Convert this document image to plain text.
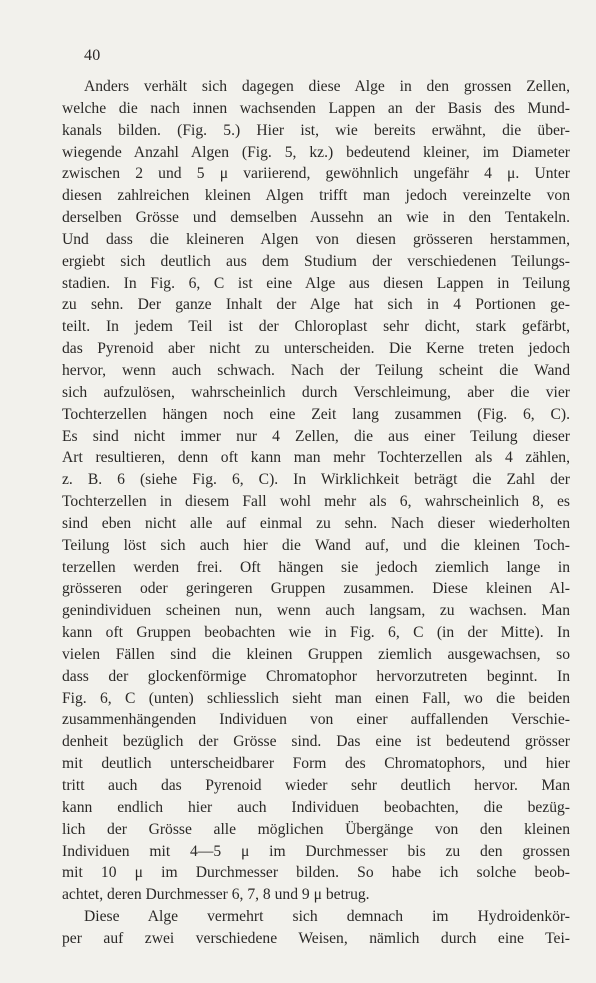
40
Anders verhält sich dagegen diese Alge in den grossen Zellen,
welche die nach innen wachsenden Lappen an der Basis des Mund-
kanals bilden. (Fig. 5.) Hier ist, wie bereits erwähnt, die über-
wiegende Anzahl Algen (Fig. 5, kz.) bedeutend kleiner, im Diameter
zwischen 2 und 5 μ variierend, gewöhnlich ungefähr 4 μ. Unter
diesen zahlreichen kleinen Algen trifft man jedoch vereinzelte von
derselben Grösse und demselben Aussehn an wie in den Tentakeln.
Und dass die kleineren Algen von diesen grösseren herstammen,
ergiebt sich deutlich aus dem Studium der verschiedenen Teilungs-
stadien. In Fig. 6, C ist eine Alge aus diesen Lappen in Teilung
zu sehn. Der ganze Inhalt der Alge hat sich in 4 Portionen ge-
teilt. In jedem Teil ist der Chloroplast sehr dicht, stark gefärbt,
das Pyrenoid aber nicht zu unterscheiden. Die Kerne treten jedoch
hervor, wenn auch schwach. Nach der Teilung scheint die Wand
sich aufzulösen, wahrscheinlich durch Verschleimung, aber die vier
Tochterzellen hängen noch eine Zeit lang zusammen (Fig. 6, C).
Es sind nicht immer nur 4 Zellen, die aus einer Teilung dieser
Art resultieren, denn oft kann man mehr Tochterzellen als 4 zählen,
z. B. 6 (siehe Fig. 6, C). In Wirklichkeit beträgt die Zahl der
Tochterzellen in diesem Fall wohl mehr als 6, wahrscheinlich 8, es
sind eben nicht alle auf einmal zu sehn. Nach dieser wiederholten
Teilung löst sich auch hier die Wand auf, und die kleinen Toch-
terzellen werden frei. Oft hängen sie jedoch ziemlich lange in
grösseren oder geringeren Gruppen zusammen. Diese kleinen Al-
genindividuen scheinen nun, wenn auch langsam, zu wachsen. Man
kann oft Gruppen beobachten wie in Fig. 6, C (in der Mitte). In
vielen Fällen sind die kleinen Gruppen ziemlich ausgewachsen, so
dass der glockenförmige Chromatophor hervorzutreten beginnt. In
Fig. 6, C (unten) schliesslich sieht man einen Fall, wo die beiden
zusammenhängenden Individuen von einer auffallenden Verschie-
denheit bezüglich der Grösse sind. Das eine ist bedeutend grösser
mit deutlich unterscheidbarer Form des Chromatophors, und hier
tritt auch das Pyrenoid wieder sehr deutlich hervor. Man
kann endlich hier auch Individuen beobachten, die bezüg-
lich der Grösse alle möglichen Übergänge von den kleinen
Individuen mit 4—5 μ im Durchmesser bis zu den grossen
mit 10 μ im Durchmesser bilden. So habe ich solche beob-
achtet, deren Durchmesser 6, 7, 8 und 9 μ betrug.
Diese Alge vermehrt sich demnach im Hydroidenkör-
per auf zwei verschiedene Weisen, nämlich durch eine Tei-
